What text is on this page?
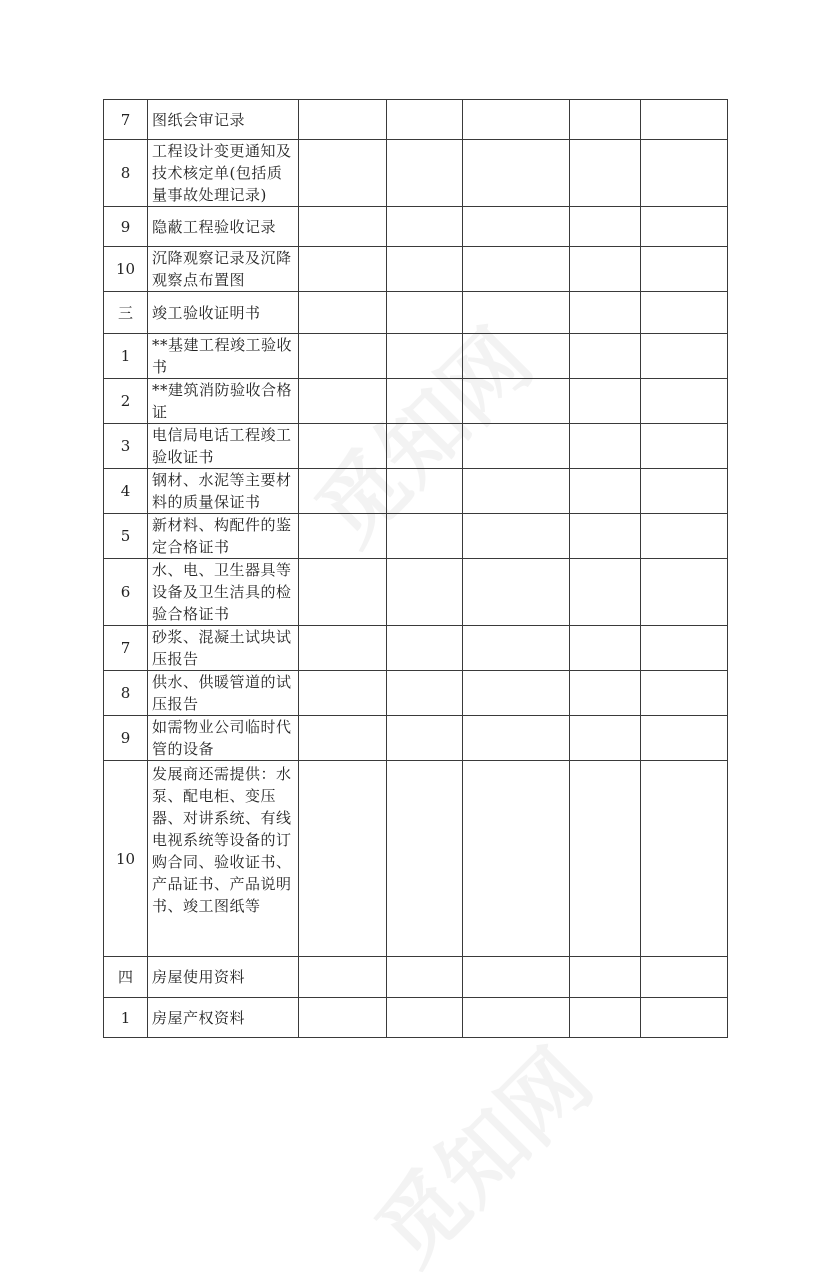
7	图纸会审记录					
8	工程设计变更通知及技术核定单(包括质量事故处理记录)					
9	隐蔽工程验收记录					
10	沉降观察记录及沉降观察点布置图					
三	竣工验收证明书					
1	**基建工程竣工验收书					
2	**建筑消防验收合格证					
3	电信局电话工程竣工验收证书					
4	钢材、水泥等主要材料的质量保证书					
5	新材料、构配件的鉴定合格证书					
6	水、电、卫生器具等设备及卫生洁具的检验合格证书					
7	砂浆、混凝土试块试压报告					
8	供水、供暖管道的试压报告					
9	如需物业公司临时代管的设备					
10	发展商还需提供：水泵、配电柜、变压器、对讲系统、有线电视系统等设备的订购合同、验收证书、产品证书、产品说明书、竣工图纸等					
四	房屋使用资料					
1	房屋产权资料					
